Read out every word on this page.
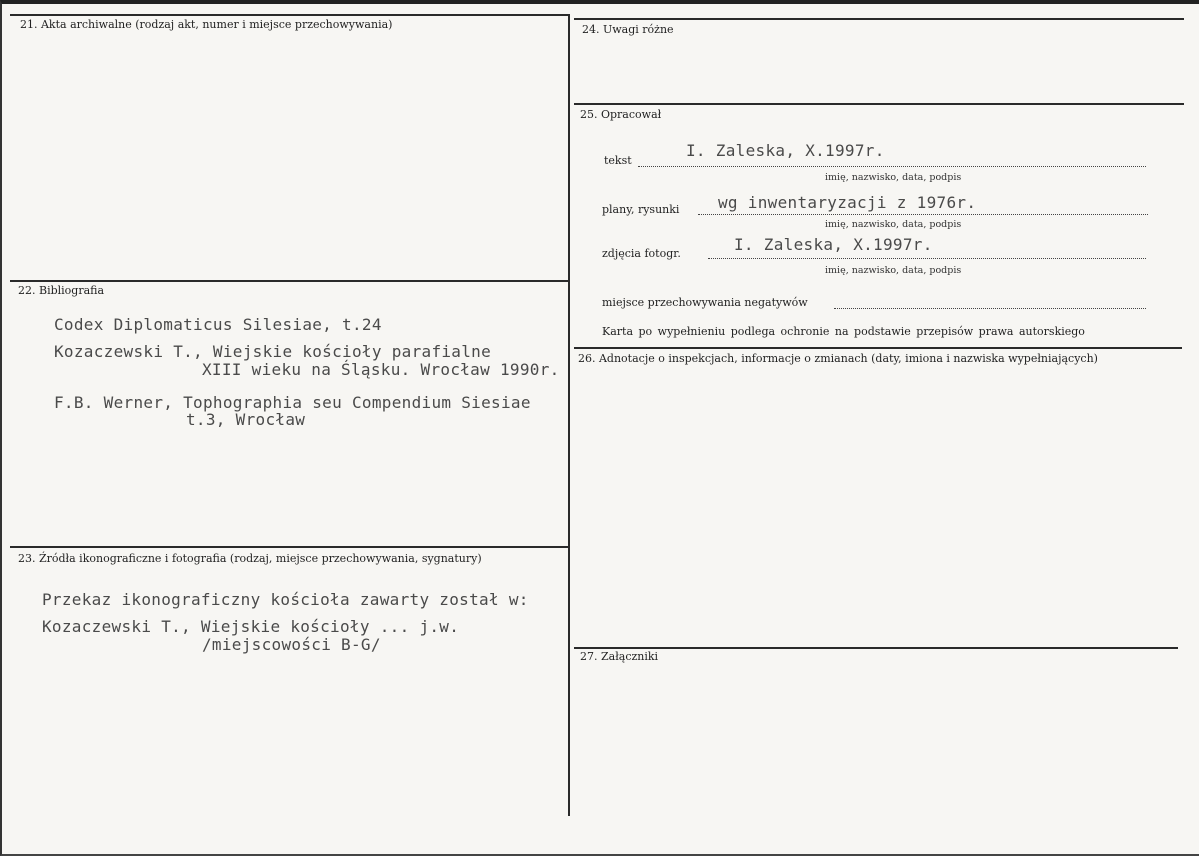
21. Akta archiwalne (rodzaj akt, numer i miejsce przechowywania)
22. Bibliografia
Codex Diplomaticus Silesiae, t.24
Kozaczewski T., Wiejskie kościoły parafialne
XIII wieku na Śląsku. Wrocław 1990r.
F.B. Werner, Tophographia seu Compendium Siesiae
t.3, Wrocław
23. Źródła ikonograficzne i fotografia (rodzaj, miejsce przechowywania, sygnatury)
Przekaz ikonograficzny kościoła zawarty został w:
Kozaczewski T., Wiejskie kościoły ... j.w.
/miejscowości B-G/
24. Uwagi różne
25. Opracował
tekst
I. Zaleska, X.1997r.
imię, nazwisko, data, podpis
plany, rysunki wg inwentaryzacji z 1976r.
imię, nazwisko, data, podpis
zdjęcia fotogr.	I. Zaleska, X.1997r.
imię, nazwisko, data, podpis
miejsce przechowywania negatywów
Karta po wypełnieniu podlega ochronie na podstawie przepisów prawa autorskiego
26. Adnotacje o inspekcjach, informacje o zmianach (daty, imiona i nazwiska wypełniających)
27. Załączniki
